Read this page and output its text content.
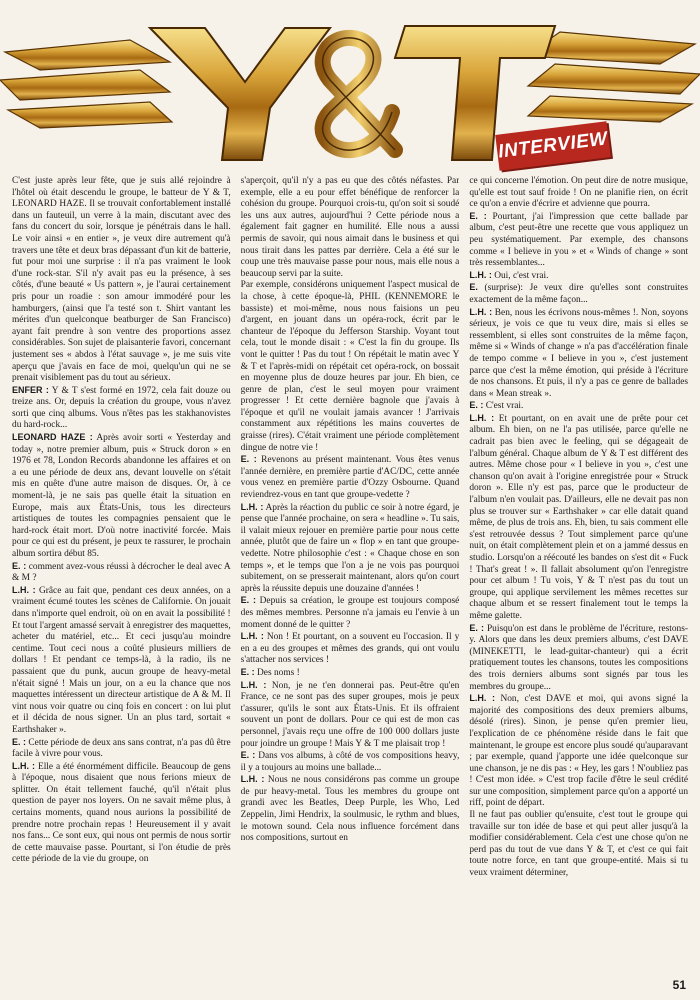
INTERVIEW

C'est juste après leur fête, que je suis allé rejoindre à l'hôtel où était descendu le groupe, le batteur de Y & T, LEONARD HAZE. Il se trouvait confortablement installé dans un fauteuil, un verre à la main, discutant avec des fans du concert du soir, lorsque je pénétrais dans le hall. Le voir ainsi « en entier », je veux dire autrement qu'à travers une tête et deux bras dépassant d'un kit de batterie, fut pour moi une surprise : il n'a pas vraiment le look d'une rock-star. S'il n'y avait pas eu la présence, à ses côtés, d'une beauté « Us pattern », je l'aurai certainement pris pour un roadie : son amour immodéré pour les hamburgers, (ainsi que l'a testé son t. Shirt vantant les mérites d'un quelconque beatburger de San Francisco) ayant fait prendre à son ventre des proportions assez considérables. Son sujet de plaisanterie favori, concernant justement ses « abdos à l'état sauvage », je me suis vite aperçu que j'avais en face de moi, quelqu'un qui ne se prenait visiblement pas du tout au sérieux.

ENFER : Y & T s'est formé en 1972, cela fait douze ou treize ans. Or, depuis la création du groupe, vous n'avez sorti que cinq albums. Vous n'êtes pas les stakhanovistes du hard-rock...

LEONARD HAZE : Après avoir sorti « Yesterday and today », notre premier album, puis « Struck doron » en 1976 et 78, London Records abandonne les affaires et on a eu une période de deux ans, devant louvelle on s'était mis en quête d'une autre maison de disques. Or, à ce moment-là, je ne sais pas quelle était la situation en Europe, mais aux États-Unis, tous les directeurs artistiques de toutes les compagnies pensaient que le hard-rock était mort. D'où notre inactivité forcée. Mais pour ce qui est du présent, je peux te rassurer, le prochain album sortira début 85.

E. : comment avez-vous réussi à décrocher le deal avec A & M ?

L.H. : Grâce au fait que, pendant ces deux années, on a vraiment écumé toutes les scènes de Californie. On jouait dans n'importe quel endroit, où on en avait la possibilité ! Et tout l'argent amassé servait à enregistrer des maquettes, acheter du matériel, etc... Et ceci jusqu'au moindre centime. Tout ceci nous a coûté plusieurs milliers de dollars ! Et pendant ce temps-là, à la radio, ils ne passaient que du punk, aucun groupe de heavy-metal n'était signé ! Mais un jour, on a eu la chance que nos maquettes intéressent un directeur artistique de A & M. Il vint nous voir quatre ou cinq fois en concert : on lui plut et il décida de nous signer. Un an plus tard, sortait « Earthshaker ».

E. : Cette période de deux ans sans contrat, n'a pas dû être facile à vivre pour vous.

L.H. : Elle a été énormément difficile. Beaucoup de gens à l'époque, nous disaient que nous ferions mieux de splitter. On était tellement fauché, qu'il n'était plus question de payer nos loyers. On ne savait même plus, à certains moments, quand nous aurions la possibilité de prendre notre prochain repas ! Heureusement il y avait nos fans... Ce sont eux, qui nous ont permis de nous sortir de cette mauvaise passe. Pourtant, si l'on étudie de près cette période de la vie du groupe, on

s'aperçoit, qu'il n'y a pas eu que des côtés néfastes. Par exemple, elle a eu pour effet bénéfique de renforcer la cohésion du groupe. Pourquoi crois-tu, qu'on soit si soudé les uns aux autres, aujourd'hui ? Cette période nous a également fait gagner en humilité. Elle nous a aussi permis de savoir, qui nous aimait dans le business et qui nous tirait dans les pattes par derrière. Cela a été sur le coup une très mauvaise passe pour nous, mais elle nous a beaucoup servi par la suite.

Par exemple, considérons uniquement l'aspect musical de la chose, à cette époque-là, PHIL (KENNEMORE le bassiste) et moi-même, nous nous faisions un peu d'argent, en jouant dans un opéra-rock, écrit par le chanteur de l'époque du Jefferson Starship. Voyant tout cela, tout le monde disait : « C'est la fin du groupe. Ils vont le quitter ! Pas du tout ! On répétait le matin avec Y & T et l'après-midi on répétait cet opéra-rock, on bossait en moyenne plus de douze heures par jour. Eh bien, ce genre de plan, c'est le seul moyen pour vraiment progresser ! Et cette dernière bagnole que j'avais à l'époque et qu'il ne voulait jamais avancer ! J'arrivais constamment aux répétitions les mains couvertes de graisse (rires). C'était vraiment une période complètement dingue de notre vie !

E. : Revenons au présent maintenant. Vous êtes venus l'année dernière, en première partie d'AC/DC, cette année vous venez en première partie d'Ozzy Osbourne. Quand reviendrez-vous en tant que groupe-vedette ?

L.H. : Après la réaction du public ce soir à notre égard, je pense que l'année prochaine, on sera « headline ». Tu sais, il valait mieux rejouer en première partie pour nous cette année, plutôt que de faire un « flop » en tant que groupe-vedette. Notre philosophie c'est : « Chaque chose en son temps », et le temps que l'on a je ne vois pas pourquoi subitement, on se presserait maintenant, alors qu'on court après la réussite depuis une douzaine d'années !

E. : Depuis sa création, le groupe est toujours composé des mêmes membres. Personne n'a jamais eu l'envie à un moment donné de le quitter ?

L.H. : Non ! Et pourtant, on a souvent eu l'occasion. Il y en a eu des groupes et mêmes des grands, qui ont voulu s'attacher nos services !

E. : Des noms !

L.H. : Non, je ne t'en donnerai pas. Peut-être qu'en France, ce ne sont pas des super groupes, mois je peux t'assurer, qu'ils le sont aux États-Unis. Et ils offraient souvent un pont de dollars. Pour ce qui est de mon cas personnel, j'avais reçu une offre de 100 000 dollars juste pour joindre un groupe ! Mais Y & T me plaisait trop !

E. : Dans vos albums, à côté de vos compositions heavy, il y a toujours au moins une ballade...

L.H. : Nous ne nous considérons pas comme un groupe de pur heavy-metal. Tous les membres du groupe ont grandi avec les Beatles, Deep Purple, les Who, Led Zeppelin, Jimi Hendrix, la soulmusic, le rythm and blues, le motown sound. Cela nous influence forcément dans nos compositions, surtout en

ce qui concerne l'émotion. On peut dire de notre musique, qu'elle est tout sauf froide ! On ne planifie rien, on écrit ce qu'on a envie d'écrire et advienne que pourra.

E. : Pourtant, j'ai l'impression que cette ballade par album, c'est peut-être une recette que vous appliquez un peu systématiquement. Par exemple, des chansons comme « I believe in you » et « Winds of change » sont très ressemblantes...

L.H. : Oui, c'est vrai.

E. (surprise): Je veux dire qu'elles sont construites exactement de la même façon...

L.H. : Ben, nous les écrivons nous-mêmes !. Non, soyons sérieux, je vois ce que tu veux dire, mais si elles se ressemblent, si elles sont construites de la même façon, même si « Winds of change » n'a pas d'accélération finale de tempo comme « I believe in you », c'est justement parce que c'est la même émotion, qui préside à l'écriture de nos chansons. Et puis, il n'y a pas ce genre de ballades dans « Mean streak ».

E. : C'est vrai.

L.H. : Et pourtant, on en avait une de prête pour cet album. Eh bien, on ne l'a pas utilisée, parce qu'elle ne cadrait pas bien avec le feeling, qui se dégageait de l'album général. Chaque album de Y & T est différent des autres. Même chose pour « I believe in you », c'est une chanson qu'on avait à l'origine enregistrée pour « Struck doron ». Elle n'y est pas, parce que le producteur de l'album n'en voulait pas. D'ailleurs, elle ne devait pas non plus se trouver sur « Earthshaker » car elle datait quand même, de plus de trois ans. Eh, bien, tu sais comment elle s'est retrouvée dessus ? Tout simplement parce qu'une nuit, on était complètement plein et on a jammé dessus en studio. Lorsqu'on a réécouté les bandes on s'est dit « Fuck ! That's great ! ». Il fallait absolument qu'on l'enregistre pour cet album ! Tu vois, Y & T n'est pas du tout un groupe, qui applique servilement les mêmes recettes sur chaque album et se ressert finalement tout le temps la même galette.

E. : Puisqu'on est dans le problème de l'écriture, restons-y. Alors que dans les deux premiers albums, c'est DAVE (MINEKETTI, le lead-guitar-chanteur) qui a écrit pratiquement toutes les chansons, toutes les compositions des trois derniers albums sont signés par tous les membres du groupe...

L.H. : Non, c'est DAVE et moi, qui avons signé la majorité des compositions des deux premiers albums, désolé (rires). Sinon, je pense qu'en premier lieu, l'explication de ce phénomène réside dans le fait que maintenant, le groupe est encore plus soudé qu'auparavant ; par exemple, quand j'apporte une idée quelconque sur une chanson, je ne dis pas : « Hey, les gars ! N'oubliez pas ! C'est mon idée. » C'est trop facile d'être le seul crédité sur une composition, simplement parce qu'on a apporté un riff, point de départ.

Il ne faut pas oublier qu'ensuite, c'est tout le groupe qui travaille sur ton idée de base et qui peut aller jusqu'à la modifier considérablement. Cela c'est une chose qu'on ne perd pas du tout de vue dans Y & T, et c'est ce qui fait toute notre force, en tant que groupe-entité. Mais si tu veux vraiment déterminer,

51
